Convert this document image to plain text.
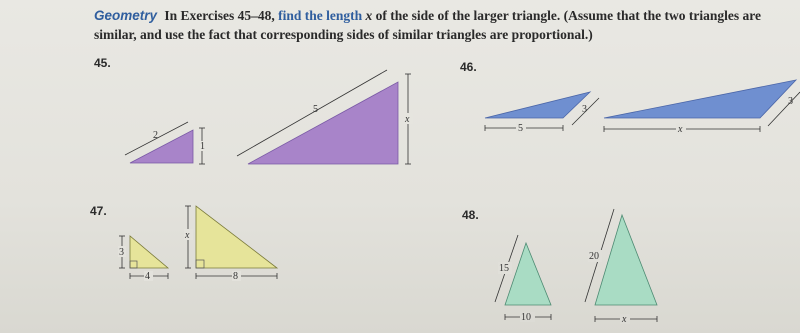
Geometry In Exercises 45–48, find the length x of the side of the larger triangle. (Assume that the two triangles are similar, and use the fact that corresponding sides of similar triangles are proportional.)
45.
2
1
5
x
46.
5
3
x
3
47.
3
4
x
8
48.
15
10
20
x
